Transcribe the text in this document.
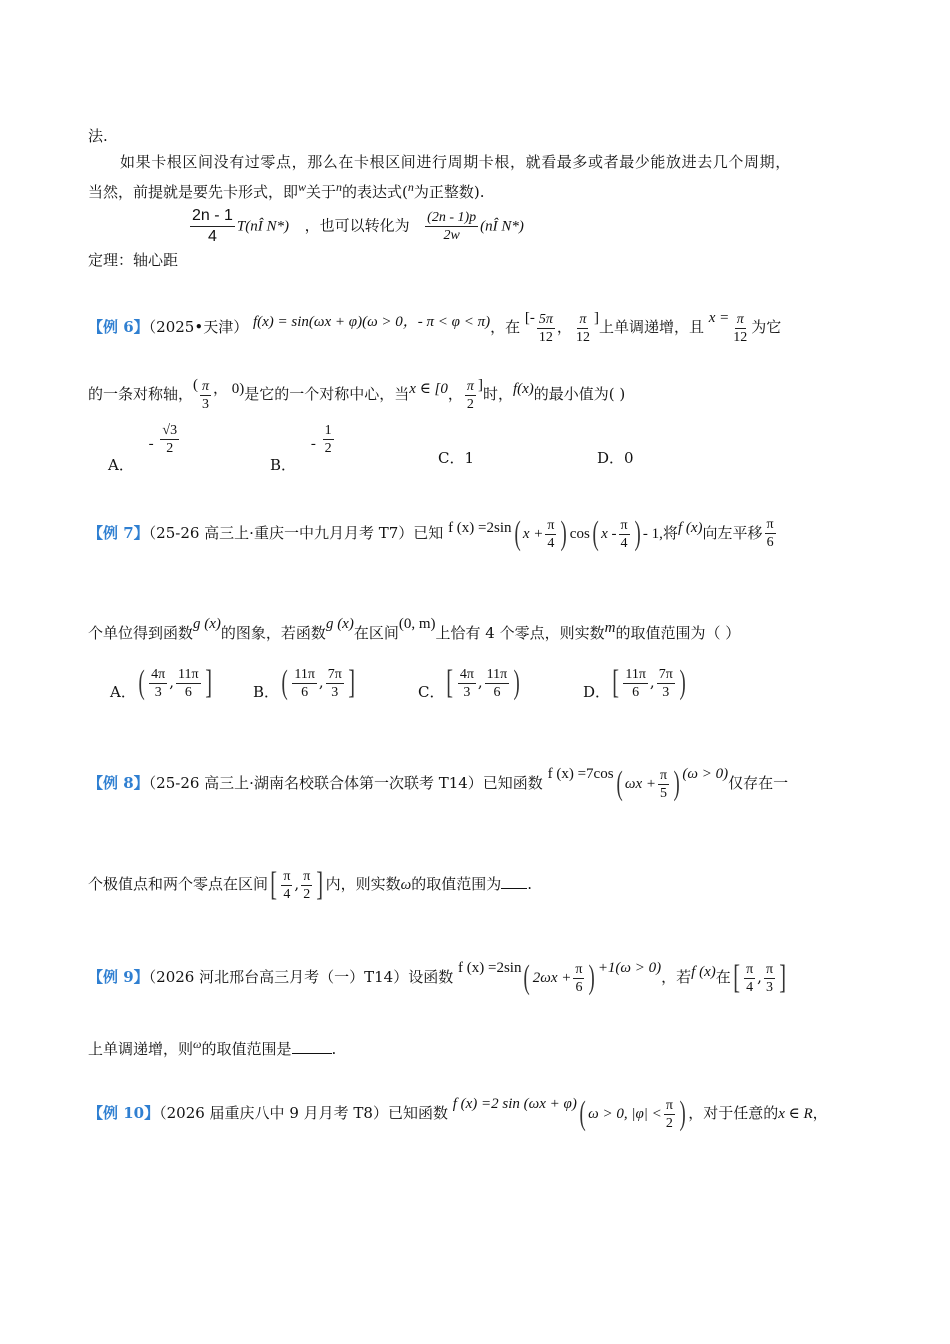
法.
如果卡根区间没有过零点，那么在卡根区间进行周期卡根，就看最多或者最少能放进去几个周期，
当然，前提就是要先卡形式，即$^w$关于$^n$的表达式($^n$为正整数).
$\frac{2n - 1}{4}$ T(nÎ N*) ，也可以转化为 $\frac{(2n - 1)p}{2w}$ (nÎ N*)
定理：轴心距
【例 6】（2025•天津） f(x) = sin(ωx + φ)(ω > 0，- π < φ < π)，在 [- $\frac{5\pi}{12}$ ， $\frac{\pi}{12}$ ]上单调递增，且 $x = \frac{\pi}{12}$ 为它
的一条对称轴，( $\frac{\pi}{3}$ ， 0)是它的一个对称中心，当x ∈ [0， $\frac{\pi}{2}$ ]时，f(x)的最小值为( )
A． - $\frac{√3}{2}$
B． - $\frac{1}{2}$
C．1	D．0
【例 7】（25-26 高三上·重庆一中九月月考 T7）已知 f (x) =2sin( $x + \frac{\pi}{4}$ ) cos( x - $\frac{\pi}{4}$ ) - 1,将f (x)向左平移 $\frac{\pi}{6}$
个单位得到函数g (x)的图象，若函数g (x)在区间(0, m)上恰有 4 个零点，则实数m的取值范围为（ ）
A．( $\frac{4\pi}{3}$ , $\frac{11\pi}{6}$ ]	B．( $\frac{11\pi}{6}$ , $\frac{7\pi}{3}$ ]	C．[ $\frac{4\pi}{3}$ , $\frac{11\pi}{6}$ )	D．[ $\frac{11\pi}{6}$ , $\frac{7\pi}{3}$ )
【例 8】（25-26 高三上·湖南名校联合体第一次联考 T14）已知函数 f (x) =7cos( $\omega x + \frac{\pi}{5}$ ) (ω > 0)仅存在一
个极值点和两个零点在区间[ $\frac{\pi}{4}$ , $\frac{\pi}{2}$ ] 内，则实数ω的取值范围为 .
【例 9】（2026 河北邢台高三月考（一）T14）设函数 f (x) =2sin( $2\omega x + \frac{\pi}{6}$ ) +1(ω > 0)，若f (x)在[ $\frac{\pi}{4}$ , $\frac{\pi}{3}$ ]
上单调递增，则$^\omega$的取值范围是	.
【例 10】（2026 届重庆八中 9 月月考 T8）已知函数 f (x) =2 sin (ωx + φ)( ω > 0, $|\varphi| < \frac{\pi}{2}$ ) ，对于任意的x ∈ R，
